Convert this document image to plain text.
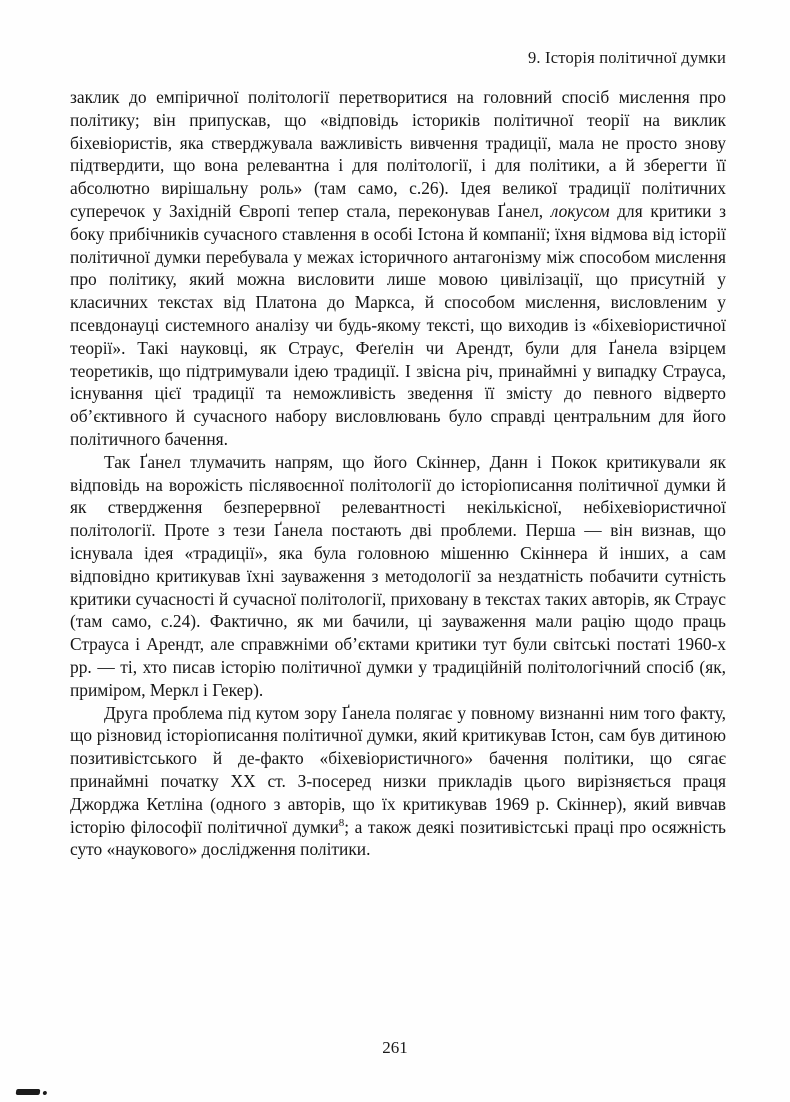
9. Історія політичної думки

заклик до емпіричної політології перетворитися на головний спосіб мислення про політику; він припускав, що «відповідь істориків політичної теорії на виклик біхевіористів, яка стверджувала важливість вивчення традиції, мала не просто знову підтвердити, що вона релевантна і для політології, і для політики, а й зберегти її абсолютно вирішальну роль» (там само, с.26). Ідея великої традиції політичних суперечок у Західній Європі тепер стала, переконував Ґанел, локусом для критики з боку прибічників сучасного ставлення в особі Істона й компанії; їхня відмова від історії політичної думки перебувала у межах історичного антагонізму між способом мислення про політику, який можна висловити лише мовою цивілізації, що присутній у класичних текстах від Платона до Маркса, й способом мислення, висловленим у псевдонауці системного аналізу чи будь-якому тексті, що виходив із «біхевіористичної теорії». Такі науковці, як Страус, Феґелін чи Арендт, були для Ґанела взірцем теоретиків, що підтримували ідею традиції. І звісна річ, принаймні у випадку Страуса, існування цієї традиції та неможливість зведення її змісту до певного відверто об’єктивного й сучасного набору висловлювань було справді центральним для його політичного бачення.

Так Ґанел тлумачить напрям, що його Скіннер, Данн і Покок критикували як відповідь на ворожість післявоєнної політології до історіописання політичної думки й як ствердження безперервної релевантності некількісної, небіхевіористичної політології. Проте з тези Ґанела постають дві проблеми. Перша — він визнав, що існувала ідея «традиції», яка була головною мішенню Скіннера й інших, а сам відповідно критикував їхні зауваження з методології за нездатність побачити сутність критики сучасності й сучасної політології, приховану в текстах таких авторів, як Страус (там само, с.24). Фактично, як ми бачили, ці зауваження мали рацію щодо праць Страуса і Арендт, але справжніми об’єктами критики тут були світські постаті 1960-х рр. — ті, хто писав історію політичної думки у традиційній політологічний спосіб (як, приміром, Меркл і Гекер).

Друга проблема під кутом зору Ґанела полягає у повному визнанні ним того факту, що різновид історіописання політичної думки, який критикував Істон, сам був дитиною позитивістського й де-факто «біхевіористичного» бачення політики, що сягає принаймні початку XX ст. З-посеред низки прикладів цього вирізняється праця Джорджа Кетліна (одного з авторів, що їх критикував 1969 р. Скіннер), який вивчав історію філософії політичної думки$^8$; а також деякі позитивістські праці про осяжність суто «наукового» дослідження політики.

261
